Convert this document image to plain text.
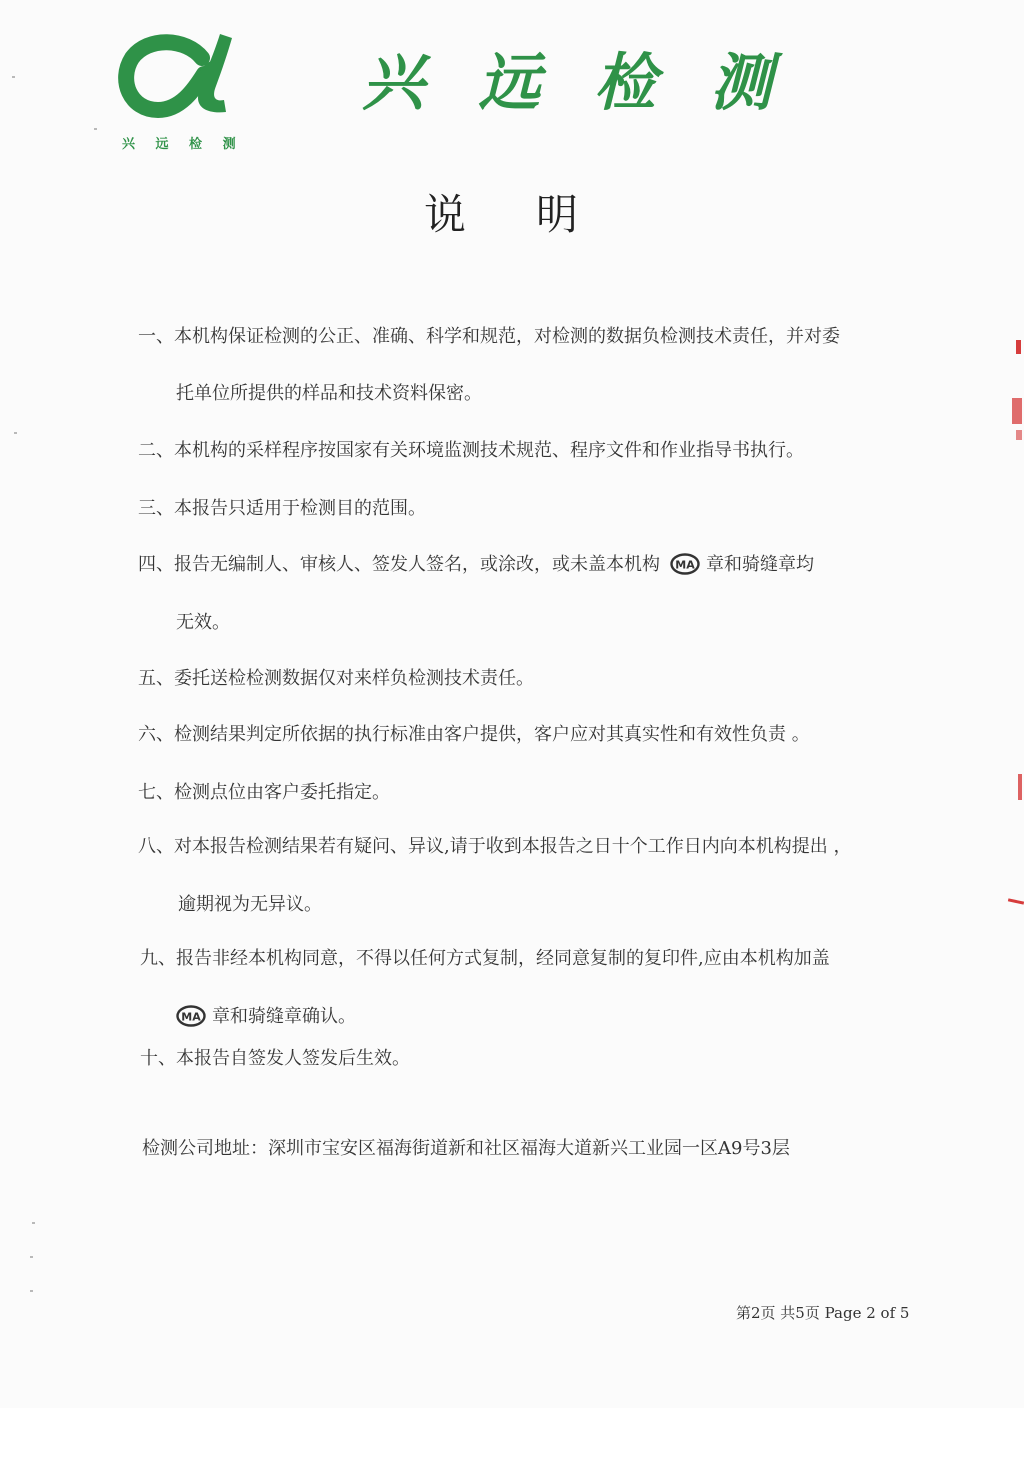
兴 远 检 测
兴远检测
说明
一、本机构保证检测的公正、准确、科学和规范，对检测的数据负检测技术责任，并对委
托单位所提供的样品和技术资料保密。
二、本机构的采样程序按国家有关环境监测技术规范、程序文件和作业指导书执行。
三、本报告只适用于检测目的范围。
四、报告无编制人、审核人、签发人签名，或涂改，或未盖本机构 MA 章和骑缝章均
无效。
五、委托送检检测数据仅对来样负检测技术责任。
六、检测结果判定所依据的执行标准由客户提供，客户应对其真实性和有效性负责 。
七、检测点位由客户委托指定。
八、对本报告检测结果若有疑问、异议,请于收到本报告之日十个工作日内向本机构提出 ，
逾期视为无异议。
九、报告非经本机构同意，不得以任何方式复制，经同意复制的复印件,应由本机构加盖
MA 章和骑缝章确认。
十、本报告自签发人签发后生效。
检测公司地址：深圳市宝安区福海街道新和社区福海大道新兴工业园一区A9号3层
第2页 共5页 Page 2 of 5
